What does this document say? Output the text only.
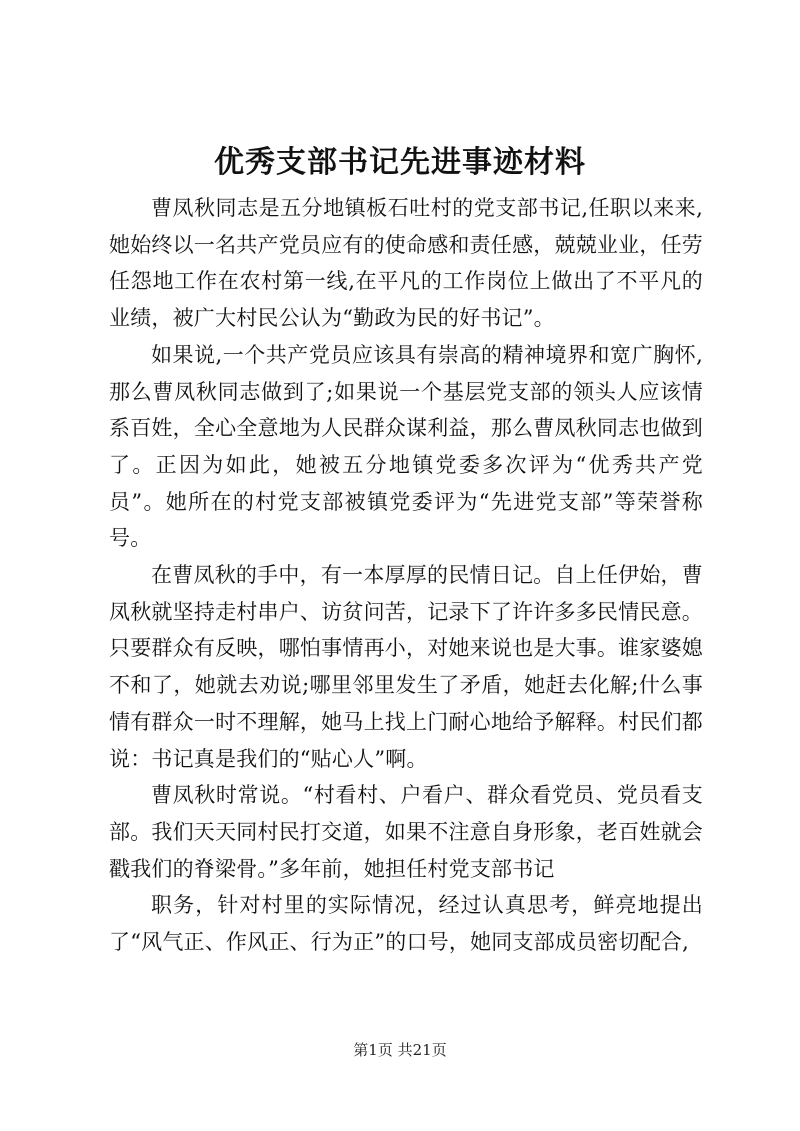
优秀支部书记先进事迹材料

曹凤秋同志是五分地镇板石吐村的党支部书记,任职以来来,她始终以一名共产党员应有的使命感和责任感，兢兢业业，任劳任怨地工作在农村第一线,在平凡的工作岗位上做出了不平凡的业绩，被广大村民公认为“勤政为民的好书记”。

如果说,一个共产党员应该具有崇高的精神境界和宽广胸怀,那么曹凤秋同志做到了;如果说一个基层党支部的领头人应该情系百姓，全心全意地为人民群众谋利益，那么曹凤秋同志也做到了。正因为如此，她被五分地镇党委多次评为“优秀共产党员”。她所在的村党支部被镇党委评为“先进党支部”等荣誉称号。

在曹凤秋的手中，有一本厚厚的民情日记。自上任伊始，曹凤秋就坚持走村串户、访贫问苦，记录下了许许多多民情民意。只要群众有反映，哪怕事情再小，对她来说也是大事。谁家婆媳不和了，她就去劝说;哪里邻里发生了矛盾，她赶去化解;什么事情有群众一时不理解，她马上找上门耐心地给予解释。村民们都说：书记真是我们的“贴心人”啊。

曹凤秋时常说。“村看村、户看户、群众看党员、党员看支部。我们天天同村民打交道，如果不注意自身形象，老百姓就会戳我们的脊梁骨。”多年前，她担任村党支部书记

职务，针对村里的实际情况，经过认真思考，鲜亮地提出了“风气正、作风正、行为正”的口号，她同支部成员密切配合,

第1页 共21页
